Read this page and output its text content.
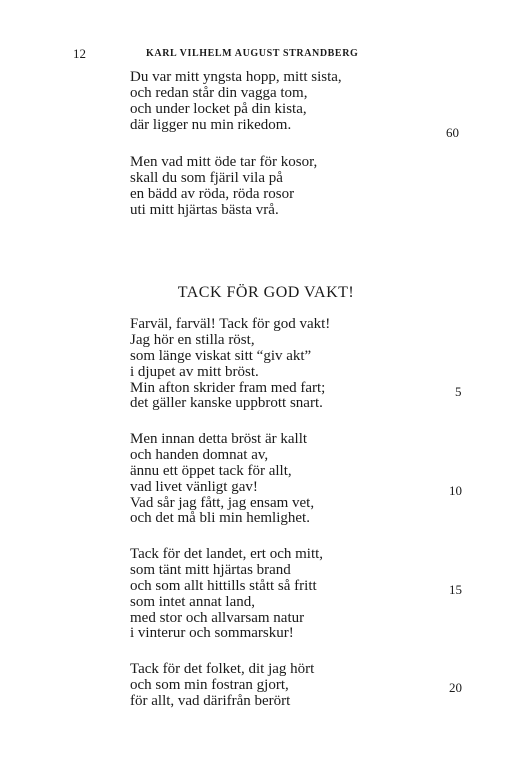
12	KARL VILHELM AUGUST STRANDBERG
Du var mitt yngsta hopp, mitt sista,
och redan står din vagga tom,
och under locket på din kista,
där ligger nu min rikedom.	60
Men vad mitt öde tar för kosor,
skall du som fjäril vila på
en bädd av röda, röda rosor
uti mitt hjärtas bästa vrå.
TACK FÖR GOD VAKT!
Farväl, farväl! Tack för god vakt!
Jag hör en stilla röst,
som länge viskat sitt “giv akt”
i djupet av mitt bröst.
Min afton skrider fram med fart;
det gäller kanske uppbrott snart.
5
Men innan detta bröst är kallt
och handen domnat av,
ännu ett öppet tack för allt,
vad livet vänligt gav!
Vad sår jag fått, jag ensam vet,
och det må bli min hemlighet.
10
Tack för det landet, ert och mitt,
som tänt mitt hjärtas brand
och som allt hittills stått så fritt
som intet annat land,
med stor och allvarsam natur
i vinterur och sommarskur!
15
Tack för det folket, dit jag hört
och som min fostran gjort,
för allt, vad därifrån berört
20
